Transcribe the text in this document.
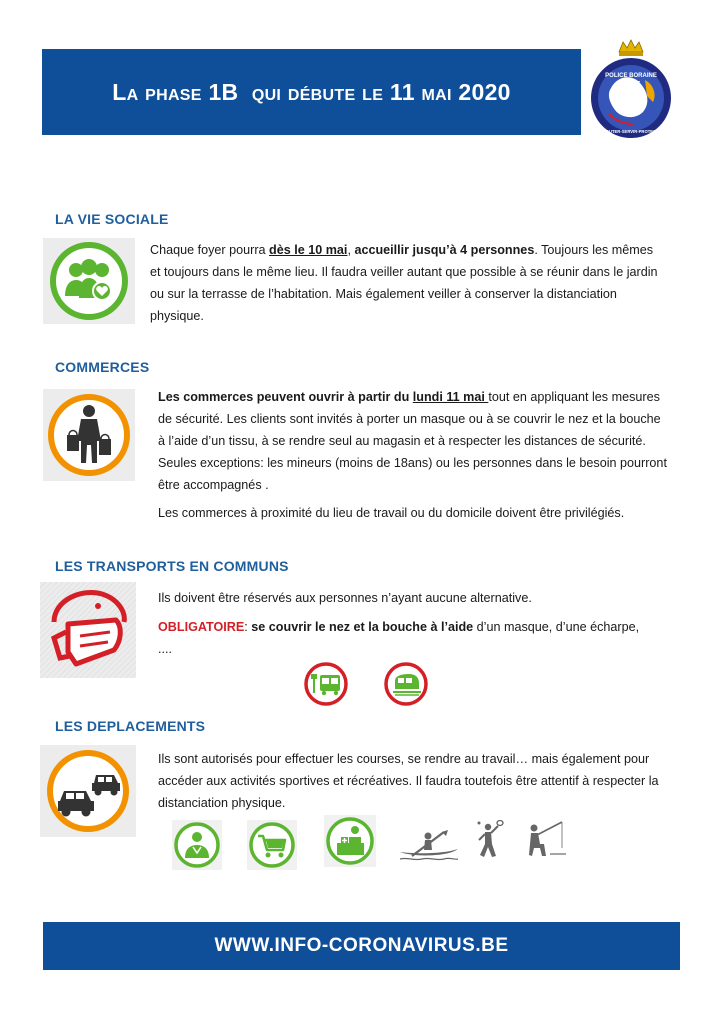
La phase 1B  qui débute le 11 mai 2020
POLICE BORAINE
53•27
ECOUTER-SERVIR-PROTEGER
LA VIE SOCIALE

Chaque foyer pourra dès le 10 mai, accueillir jusqu’à 4 personnes. Toujours les mêmes et toujours dans le même lieu. Il faudra veiller autant que possible à se réunir dans le jardin ou sur la terrasse de l’habitation. Mais également veiller à conserver la distanciation physique.

COMMERCES

Les commerces peuvent ouvrir à partir du lundi 11 mai tout en appliquant les mesures de sécurité. Les clients sont invités à porter un masque ou à se couvrir le nez et la bouche à l’aide d’un tissu, à se rendre seul au magasin et à respecter les distances de sécurité. Seules exceptions: les mineurs (moins de 18ans) ou les personnes dans le besoin pourront être accompagnés .

Les commerces à proximité du lieu de travail ou du domicile doivent être privilégiés.

LES TRANSPORTS EN COMMUNS

Ils doivent être réservés aux personnes n’ayant aucune alternative.

OBLIGATOIRE: se couvrir le nez et la bouche à l’aide d’un masque, d’une écharpe,
....

LES DEPLACEMENTS

Ils sont autorisés pour effectuer les courses, se rendre au travail… mais également pour accéder aux activités sportives et récréatives. Il faudra toutefois être attentif à respecter la distanciation physique.

WWW.INFO-CORONAVIRUS.BE
